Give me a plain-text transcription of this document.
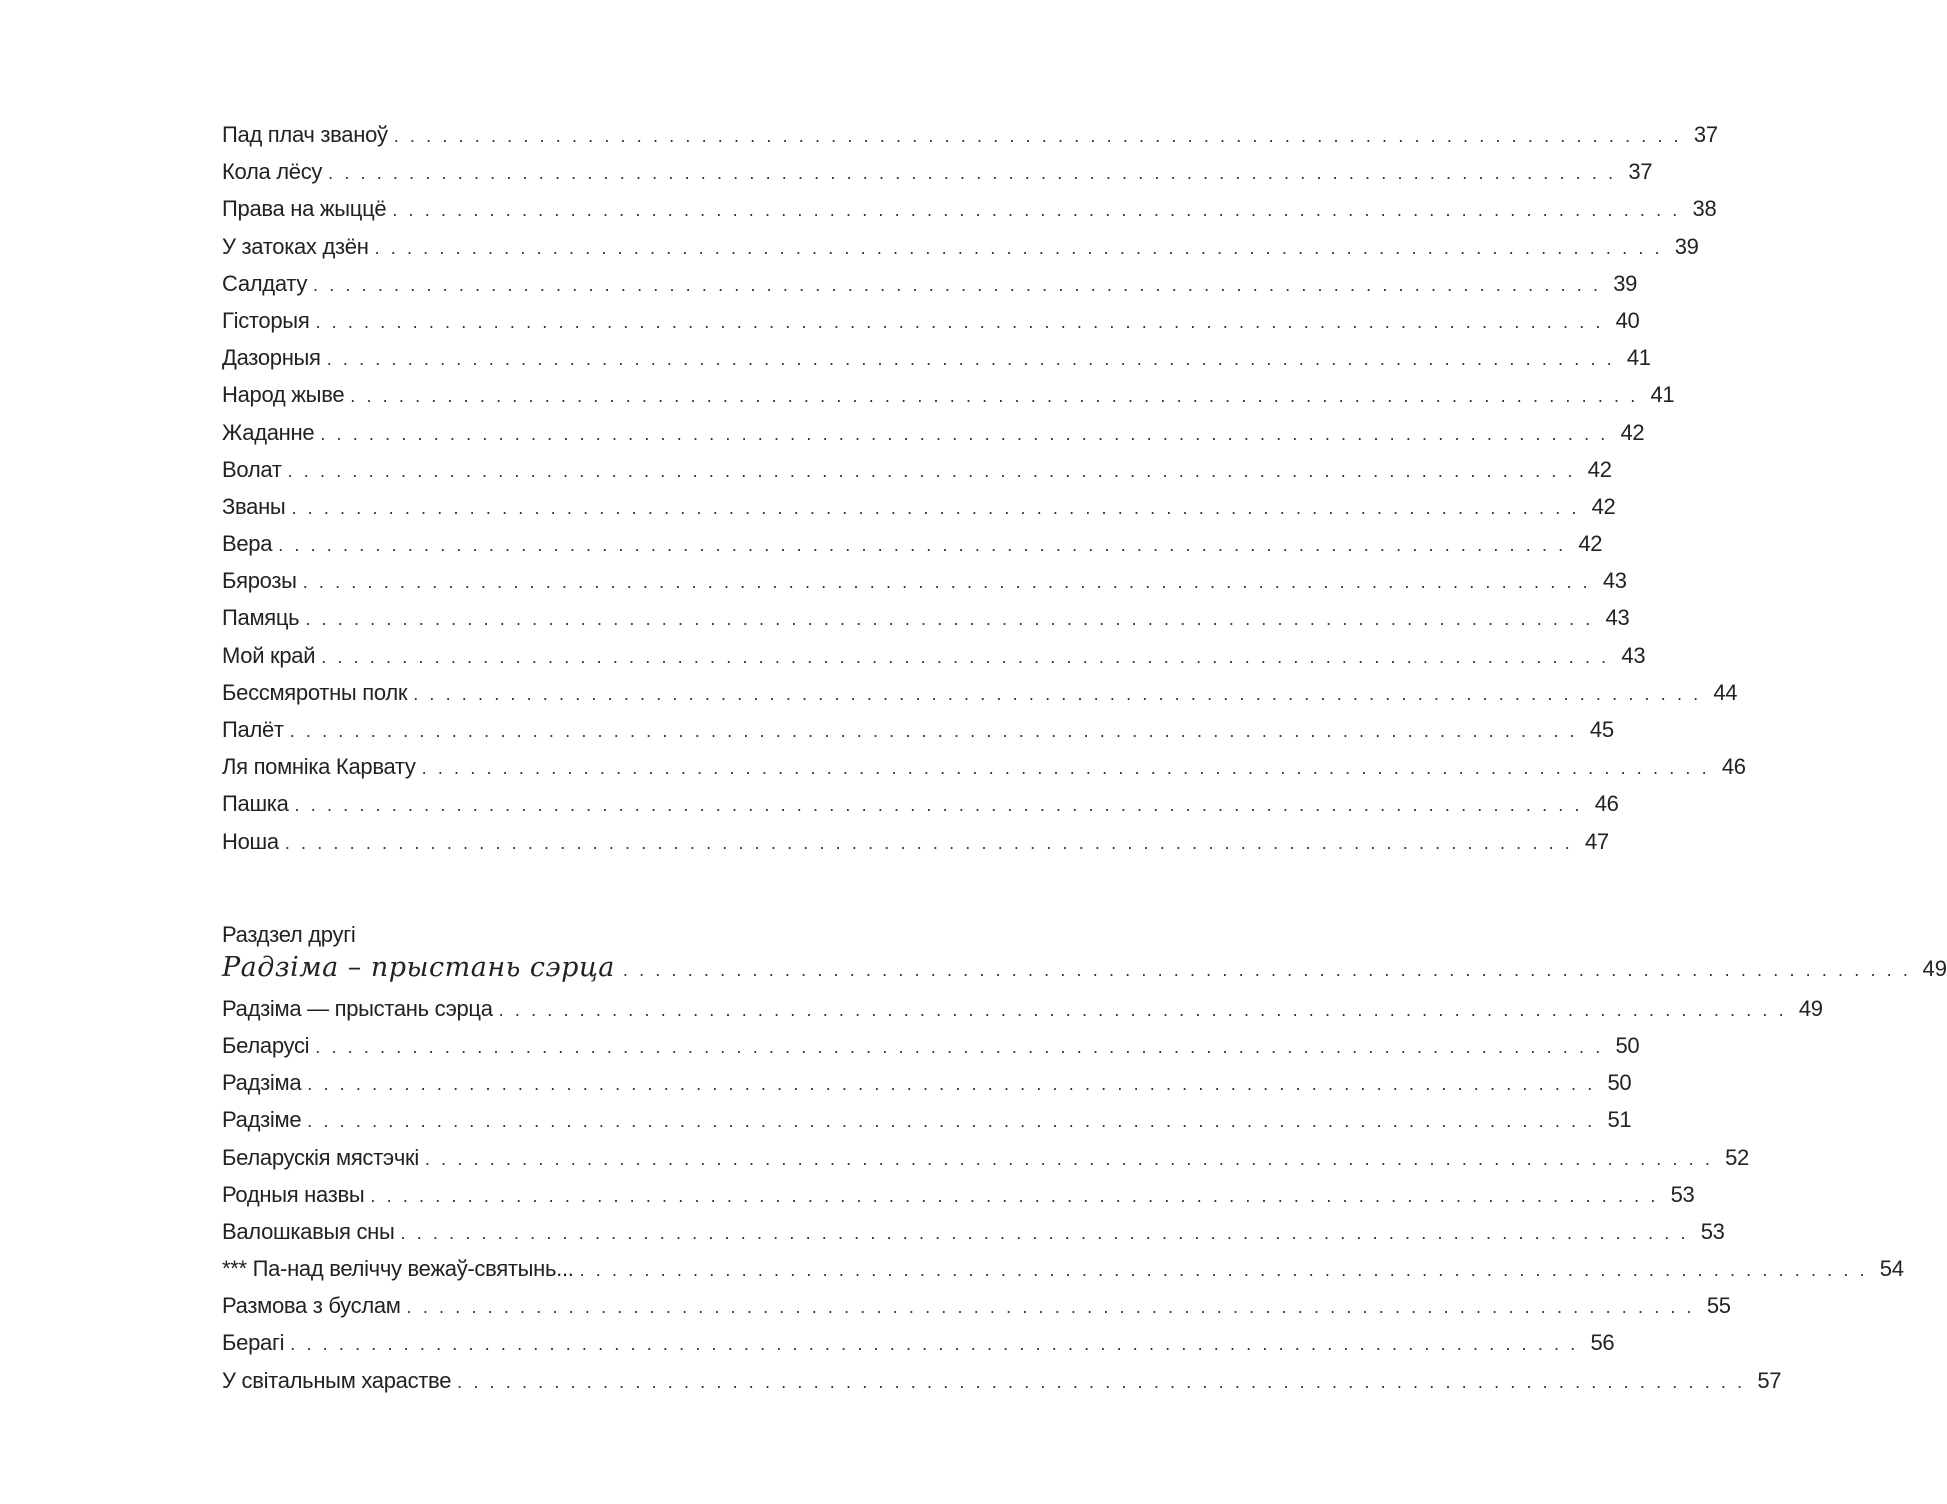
Пад плач званоў . . . . . . . . . . . . . . . . . . . . . . . . . . . . . . . . . . . . . . . . . . . . . . . . . . . . . . . . . . . . . . . . . . . . . . . . . . . . . . . . 37
Кола лёсу . . . . . . . . . . . . . . . . . . . . . . . . . . . . . . . . . . . . . . . . . . . . . . . . . . . . . . . . . . . . . . . . . . . . . . . . . . . . . . . . 37
Права на жыццё . . . . . . . . . . . . . . . . . . . . . . . . . . . . . . . . . . . . . . . . . . . . . . . . . . . . . . . . . . . . . . . . . . . . . . . . . . . . . . . . 38
У затоках дзён . . . . . . . . . . . . . . . . . . . . . . . . . . . . . . . . . . . . . . . . . . . . . . . . . . . . . . . . . . . . . . . . . . . . . . . . . . . . . . . . 39
Салдату . . . . . . . . . . . . . . . . . . . . . . . . . . . . . . . . . . . . . . . . . . . . . . . . . . . . . . . . . . . . . . . . . . . . . . . . . . . . . . . . 39
Гісторыя . . . . . . . . . . . . . . . . . . . . . . . . . . . . . . . . . . . . . . . . . . . . . . . . . . . . . . . . . . . . . . . . . . . . . . . . . . . . . . . . 40
Дазорныя . . . . . . . . . . . . . . . . . . . . . . . . . . . . . . . . . . . . . . . . . . . . . . . . . . . . . . . . . . . . . . . . . . . . . . . . . . . . . . . . 41
Народ жыве . . . . . . . . . . . . . . . . . . . . . . . . . . . . . . . . . . . . . . . . . . . . . . . . . . . . . . . . . . . . . . . . . . . . . . . . . . . . . . . . 41
Жаданне . . . . . . . . . . . . . . . . . . . . . . . . . . . . . . . . . . . . . . . . . . . . . . . . . . . . . . . . . . . . . . . . . . . . . . . . . . . . . . . . 42
Волат . . . . . . . . . . . . . . . . . . . . . . . . . . . . . . . . . . . . . . . . . . . . . . . . . . . . . . . . . . . . . . . . . . . . . . . . . . . . . . . . 42
Званы . . . . . . . . . . . . . . . . . . . . . . . . . . . . . . . . . . . . . . . . . . . . . . . . . . . . . . . . . . . . . . . . . . . . . . . . . . . . . . . . 42
Вера . . . . . . . . . . . . . . . . . . . . . . . . . . . . . . . . . . . . . . . . . . . . . . . . . . . . . . . . . . . . . . . . . . . . . . . . . . . . . . . . 42
Бярозы . . . . . . . . . . . . . . . . . . . . . . . . . . . . . . . . . . . . . . . . . . . . . . . . . . . . . . . . . . . . . . . . . . . . . . . . . . . . . . . . 43
Памяць . . . . . . . . . . . . . . . . . . . . . . . . . . . . . . . . . . . . . . . . . . . . . . . . . . . . . . . . . . . . . . . . . . . . . . . . . . . . . . . . 43
Мой край . . . . . . . . . . . . . . . . . . . . . . . . . . . . . . . . . . . . . . . . . . . . . . . . . . . . . . . . . . . . . . . . . . . . . . . . . . . . . . . . 43
Бессмяротны полк . . . . . . . . . . . . . . . . . . . . . . . . . . . . . . . . . . . . . . . . . . . . . . . . . . . . . . . . . . . . . . . . . . . . . . . . . . . . . . . . 44
Палёт . . . . . . . . . . . . . . . . . . . . . . . . . . . . . . . . . . . . . . . . . . . . . . . . . . . . . . . . . . . . . . . . . . . . . . . . . . . . . . . . 45
Ля помніка Карвату . . . . . . . . . . . . . . . . . . . . . . . . . . . . . . . . . . . . . . . . . . . . . . . . . . . . . . . . . . . . . . . . . . . . . . . . . . . . . . . . 46
Пашка . . . . . . . . . . . . . . . . . . . . . . . . . . . . . . . . . . . . . . . . . . . . . . . . . . . . . . . . . . . . . . . . . . . . . . . . . . . . . . . . 46
Ноша . . . . . . . . . . . . . . . . . . . . . . . . . . . . . . . . . . . . . . . . . . . . . . . . . . . . . . . . . . . . . . . . . . . . . . . . . . . . . . . . 47
Раздзел другі
Радзіма – прыстань сэрца . . . . . . . . . . . . . . . . . . . . . . . . . . . . . . . . . . . . . . . . . . . . . . . . . . . . . . . . . . . . . . . . . . . . . . . . . . . . . . . . 49
Радзіма — прыстань сэрца . . . . . . . . . . . . . . . . . . . . . . . . . . . . . . . . . . . . . . . . . . . . . . . . . . . . . . . . . . . . . . . . . . . . . . . . . . . . . . . . 49
Беларусі . . . . . . . . . . . . . . . . . . . . . . . . . . . . . . . . . . . . . . . . . . . . . . . . . . . . . . . . . . . . . . . . . . . . . . . . . . . . . . . . 50
Радзіма . . . . . . . . . . . . . . . . . . . . . . . . . . . . . . . . . . . . . . . . . . . . . . . . . . . . . . . . . . . . . . . . . . . . . . . . . . . . . . . . 50
Радзіме . . . . . . . . . . . . . . . . . . . . . . . . . . . . . . . . . . . . . . . . . . . . . . . . . . . . . . . . . . . . . . . . . . . . . . . . . . . . . . . . 51
Беларускія мястэчкі . . . . . . . . . . . . . . . . . . . . . . . . . . . . . . . . . . . . . . . . . . . . . . . . . . . . . . . . . . . . . . . . . . . . . . . . . . . . . . . . 52
Родныя назвы . . . . . . . . . . . . . . . . . . . . . . . . . . . . . . . . . . . . . . . . . . . . . . . . . . . . . . . . . . . . . . . . . . . . . . . . . . . . . . . . 53
Валошкавыя сны . . . . . . . . . . . . . . . . . . . . . . . . . . . . . . . . . . . . . . . . . . . . . . . . . . . . . . . . . . . . . . . . . . . . . . . . . . . . . . . . 53
*** Па-над веліччу вежаў-святынь... . . . . . . . . . . . . . . . . . . . . . . . . . . . . . . . . . . . . . . . . . . . . . . . . . . . . . . . . . . . . . . . . . . . . . . . . . . . . . . . . 54
Размова з буслам . . . . . . . . . . . . . . . . . . . . . . . . . . . . . . . . . . . . . . . . . . . . . . . . . . . . . . . . . . . . . . . . . . . . . . . . . . . . . . . . 55
Берагі . . . . . . . . . . . . . . . . . . . . . . . . . . . . . . . . . . . . . . . . . . . . . . . . . . . . . . . . . . . . . . . . . . . . . . . . . . . . . . . . 56
У світальным харастве . . . . . . . . . . . . . . . . . . . . . . . . . . . . . . . . . . . . . . . . . . . . . . . . . . . . . . . . . . . . . . . . . . . . . . . . . . . . . . . . 57
